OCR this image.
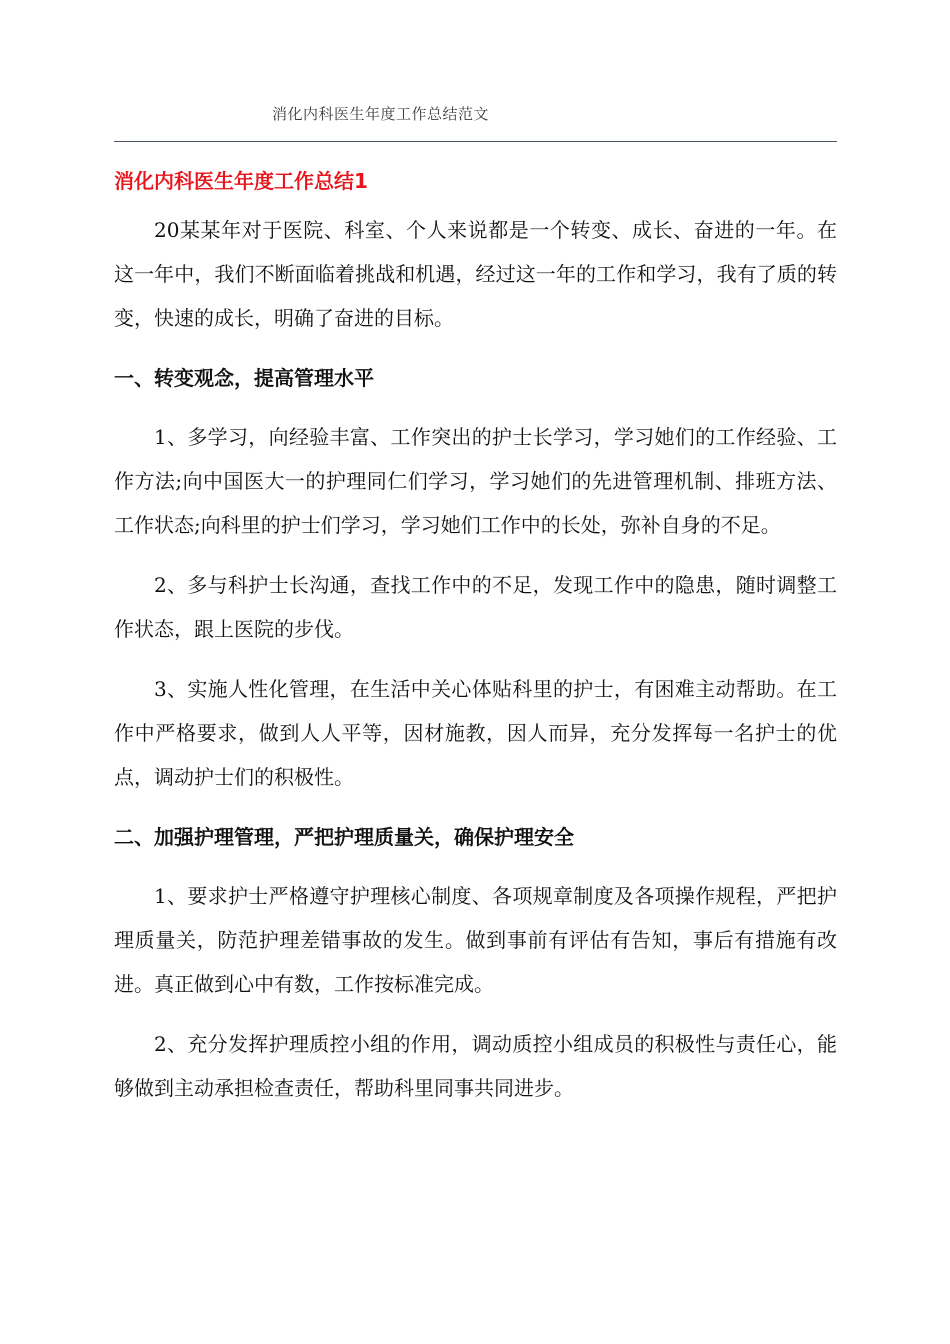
消化内科医生年度工作总结范文
消化内科医生年度工作总结1

20某某年对于医院、科室、个人来说都是一个转变、成长、奋进的一年。在这一年中，我们不断面临着挑战和机遇，经过这一年的工作和学习，我有了质的转变，快速的成长，明确了奋进的目标。

一、转变观念，提高管理水平

1、多学习，向经验丰富、工作突出的护士长学习，学习她们的工作经验、工作方法;向中国医大一的护理同仁们学习，学习她们的先进管理机制、排班方法、工作状态;向科里的护士们学习，学习她们工作中的长处，弥补自身的不足。

2、多与科护士长沟通，查找工作中的不足，发现工作中的隐患，随时调整工作状态，跟上医院的步伐。

3、实施人性化管理，在生活中关心体贴科里的护士，有困难主动帮助。在工作中严格要求，做到人人平等，因材施教，因人而异，充分发挥每一名护士的优点，调动护士们的积极性。

二、加强护理管理，严把护理质量关，确保护理安全

1、要求护士严格遵守护理核心制度、各项规章制度及各项操作规程，严把护理质量关，防范护理差错事故的发生。做到事前有评估有告知，事后有措施有改进。真正做到心中有数，工作按标准完成。

2、充分发挥护理质控小组的作用，调动质控小组成员的积极性与责任心，能够做到主动承担检查责任，帮助科里同事共同进步。
